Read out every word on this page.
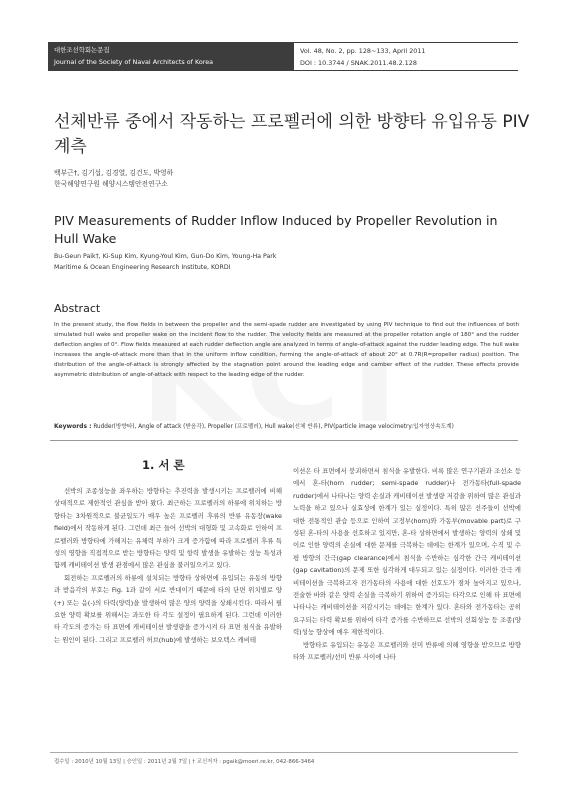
대한조선학회논문집
Journal of the Society of Naval Architects of Korea
Vol. 48, No. 2, pp. 128~133, April 2011
DOI : 10.3744 / SNAK.2011.48.2.128
선체반류 중에서 작동하는 프로펠러에 의한 방향타 유입유동 PIV 계측
백부근†, 김기섭, 김경열, 김건도, 박영하
한국해양연구원 해양시스템안전연구소
PIV Measurements of Rudder Inflow Induced by Propeller Revolution in Hull Wake
Bu-Geun Paik†, Ki-Sup Kim, Kyung-Youl Kim, Gun-Do Kim, Young-Ha Park
Maritime & Ocean Engineering Research Institute, KORDI
Abstract

In the present study, the flow fields in between the propeller and the semi-spade rudder are investigated by using PIV technique to find out the influences of both simulated hull wake and propeller wake on the incident flow to the rudder. The velocity fields are measured at the propeller rotation angle of 180° and the rudder deflection angles of 0°. Flow fields measured at each rudder deflection angle are analyzed in terms of angle-of-attack against the rudder leading edge. The hull wake increases the angle-of-attack more than that in the uniform inflow condition, forming the angle-of-attack of about 20° at 0.7R(R=propeller radius) position. The distribution of the angle-of-attack is strongly affected by the stagnation point around the leading edge and camber effect of the rudder. These effects provide asymmetric distribution of angle-of-attack with respect to the leading edge of the rudder.

Keywords : Rudder(방향타), Angle of attack (받음각), Propeller (프로펠러), Hull wake(선체 반류), PIV(particle image velocimetry:입자영상속도계)
1. 서 론

선박의 조종성능을 좌우하는 방향타는 추진력을 발생시키는 프로펠러에 비해 상대적으로 제한적인 관심을 받아 왔다. 최근하는 프로펠러의 하류에 위치하는 방향타는 3차원적으로 불균일도가 매우 높은 프로펠러 후류의 반류 유동장(wake field)에서 작동하게 된다. 그런데 최근 들어 선박의 대형화 및 고속화로 인하여 프로펠러와 방향타에 가해지는 유체력 부하가 크게 증가함에 따라 프로펠러 후류 특성의 영향을 직접적으로 받는 방향타는 양력 및 항력 발생을 유발하는 성능 특성과 함께 캐비테이션 발생 관점에서 많은 관심을 불러일으키고 있다.

회전하는 프로펠러의 하류에 설치되는 방향타 상하면에 유입되는 유동의 방향과 받음각의 부호는 Fig. 1과 같이 서로 반대이기 때문에 타의 단면 위치별로 양(+) 또는 음(-)의 타력(양력)을 발생하여 많은 양의 양력을 상쇄시킨다. 따라서 필요한 양력 확보를 위해서는 과도한 타 각도 설정이 필요하게 된다. 그런데 이러한 타 각도의 증가는 타 표면에 캐비테이션 발생량을 증가시켜 타 표면 침식을 유발하는 원인이 된다. 그리고 프로펠러 허브(hub)에 발생하는 보오텍스 캐비테

이션은 타 표면에서 붕괴하면서 침식을 유발한다. 비록 많은 연구기관과 조선소 등에서 혼-타(horn rudder; semi-spade rudder)나 전가동타(full-spade rudder)에서 나타나는 양력 손실과 캐비테이션 발생량 저감을 위하여 많은 관심과 노력을 하고 있으나 실효성에 한계가 있는 실정이다. 특히 많은 선주들이 선박에 대한 전통적인 관습 등으로 인하여 고정부(horn)와 가동부(movable part)로 구성된 혼-타의 사용을 선호하고 있지만, 혼-타 상하면에서 발생하는 양력의 상쇄 및 이로 인한 양력의 손실에 대한 문제를 극복하는 데에는 한계가 있으며, 수직 및 수평 방향의 간극(gap clearance)에서 침식을 수반하는 심각한 간극 캐비테이션(gap cavitation)의 문제 또한 심각하게 대두되고 있는 실정이다. 이러한 간극 캐비테이션을 극복하고자 전가동타의 사용에 대한 선호도가 점차 높아지고 있으나, 전술한 바와 같은 양력 손실을 극복하기 위하여 증가되는 타각으로 인해 타 표면에 나타나는 캐비테이션을 저감시키는 데에는 한계가 있다. 혼타와 전가동타는 공히 요구되는 타력 확보를 위하여 타각 증가를 수반하므로 선박의 선회성능 등 조종(양력)성능 향상에 매우 제한적이다.

방향타로 유입되는 유동은 프로펠러와 선미 반류에 의해 영향을 받으므로 방향타와 프로펠러/선미 반류 사이에 나타

접수일 : 2010년 10월 13일 | 승인일 : 2011년 2월 7일 | † 교신저자 : pgaik@moeri.re.kr, 042-866-3464
